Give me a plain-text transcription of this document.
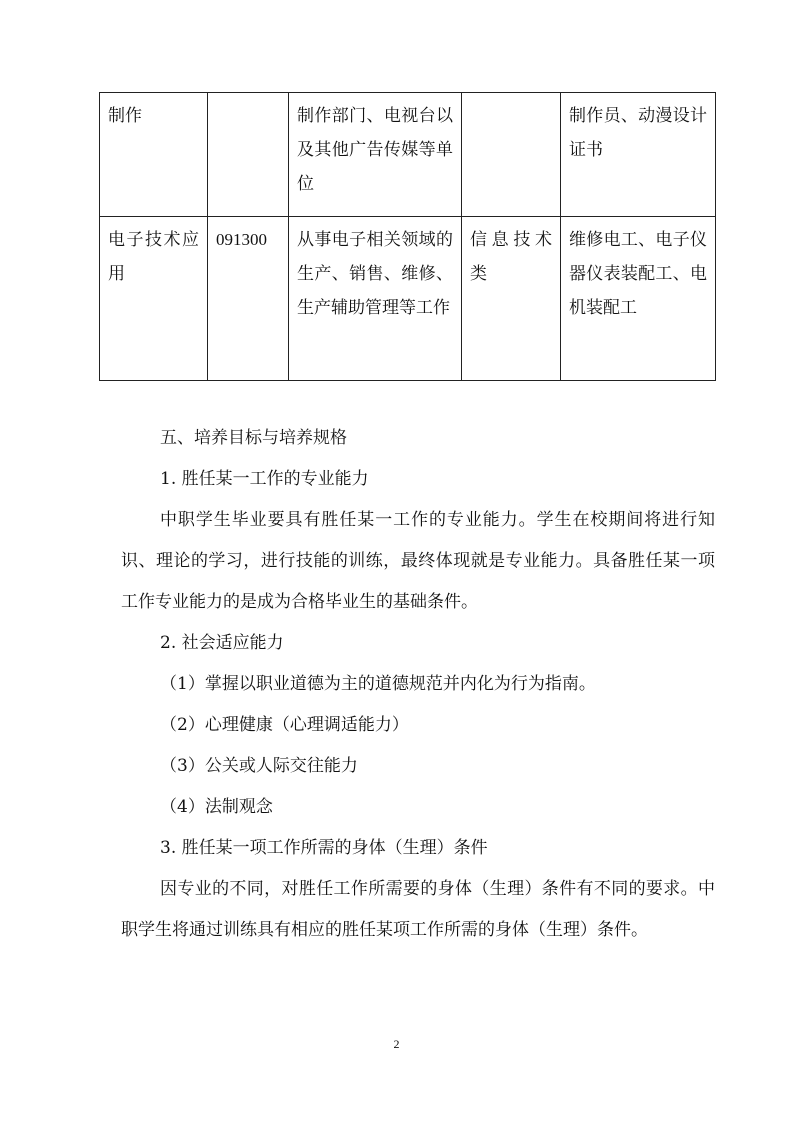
制作		制作部门、电视台以及其他广告传媒等单位		制作员、动漫设计证书
电子技术应用	091300	从事电子相关领域的生产、销售、维修、生产辅助管理等工作	信息技术类	维修电工、电子仪器仪表装配工、电机装配工
五、培养目标与培养规格
1. 胜任某一工作的专业能力
中职学生毕业要具有胜任某一工作的专业能力。学生在校期间将进行知识、理论的学习，进行技能的训练，最终体现就是专业能力。具备胜任某一项工作专业能力的是成为合格毕业生的基础条件。
2. 社会适应能力
（1）掌握以职业道德为主的道德规范并内化为行为指南。
（2）心理健康（心理调适能力）
（3）公关或人际交往能力
（4）法制观念
3. 胜任某一项工作所需的身体（生理）条件
因专业的不同，对胜任工作所需要的身体（生理）条件有不同的要求。中职学生将通过训练具有相应的胜任某项工作所需的身体（生理）条件。
2
